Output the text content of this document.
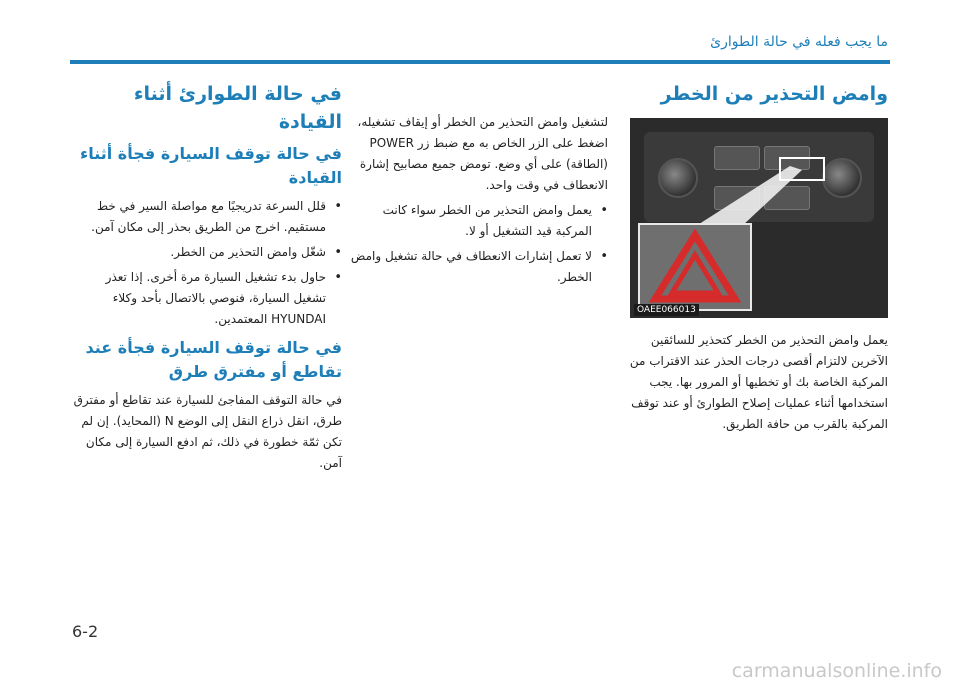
ما يجب فعله في حالة الطوارئ
وامض التحذير من الخطر
OAEE066013

يعمل وامض التحذير من الخطر كتحذير للسائقين الآخرين لالتزام أقصى درجات الحذر عند الاقتراب من المركبة الخاصة بك أو تخطيها أو المرور بها. يجب استخدامها أثناء عمليات إصلاح الطوارئ أو عند توقف المركبة بالقرب من حافة الطريق.

لتشغيل وامض التحذير من الخطر أو إيقاف تشغيله، اضغط على الزر الخاص به مع ضبط زر POWER (الطاقة) على أي وضع. تومض جميع مصابيح إشارة الانعطاف في وقت واحد.

• يعمل وامض التحذير من الخطر سواء كانت المركبة قيد التشغيل أو لا.
• لا تعمل إشارات الانعطاف في حالة تشغيل وامض الخطر.
في حالة الطوارئ أثناء القيادة
في حالة توقف السيارة فجأة أثناء القيادة
• قلل السرعة تدريجيًا مع مواصلة السير في خط مستقيم. اخرج من الطريق بحذر إلى مكان آمن.
• شغّل وامض التحذير من الخطر.
• حاول بدء تشغيل السيارة مرة أخرى. إذا تعذر تشغيل السيارة، فنوصي بالاتصال بأحد وكلاء HYUNDAI المعتمدين.
في حالة توقف السيارة فجأة عند تقاطع أو مفترق طرق

في حالة التوقف المفاجئ للسيارة عند تقاطع أو مفترق طرق، انقل ذراع النقل إلى الوضع N (المحايد). إن لم تكن ثمّة خطورة في ذلك، ثم ادفع السيارة إلى مكان آمن.

6-2
carmanualsonline.info
